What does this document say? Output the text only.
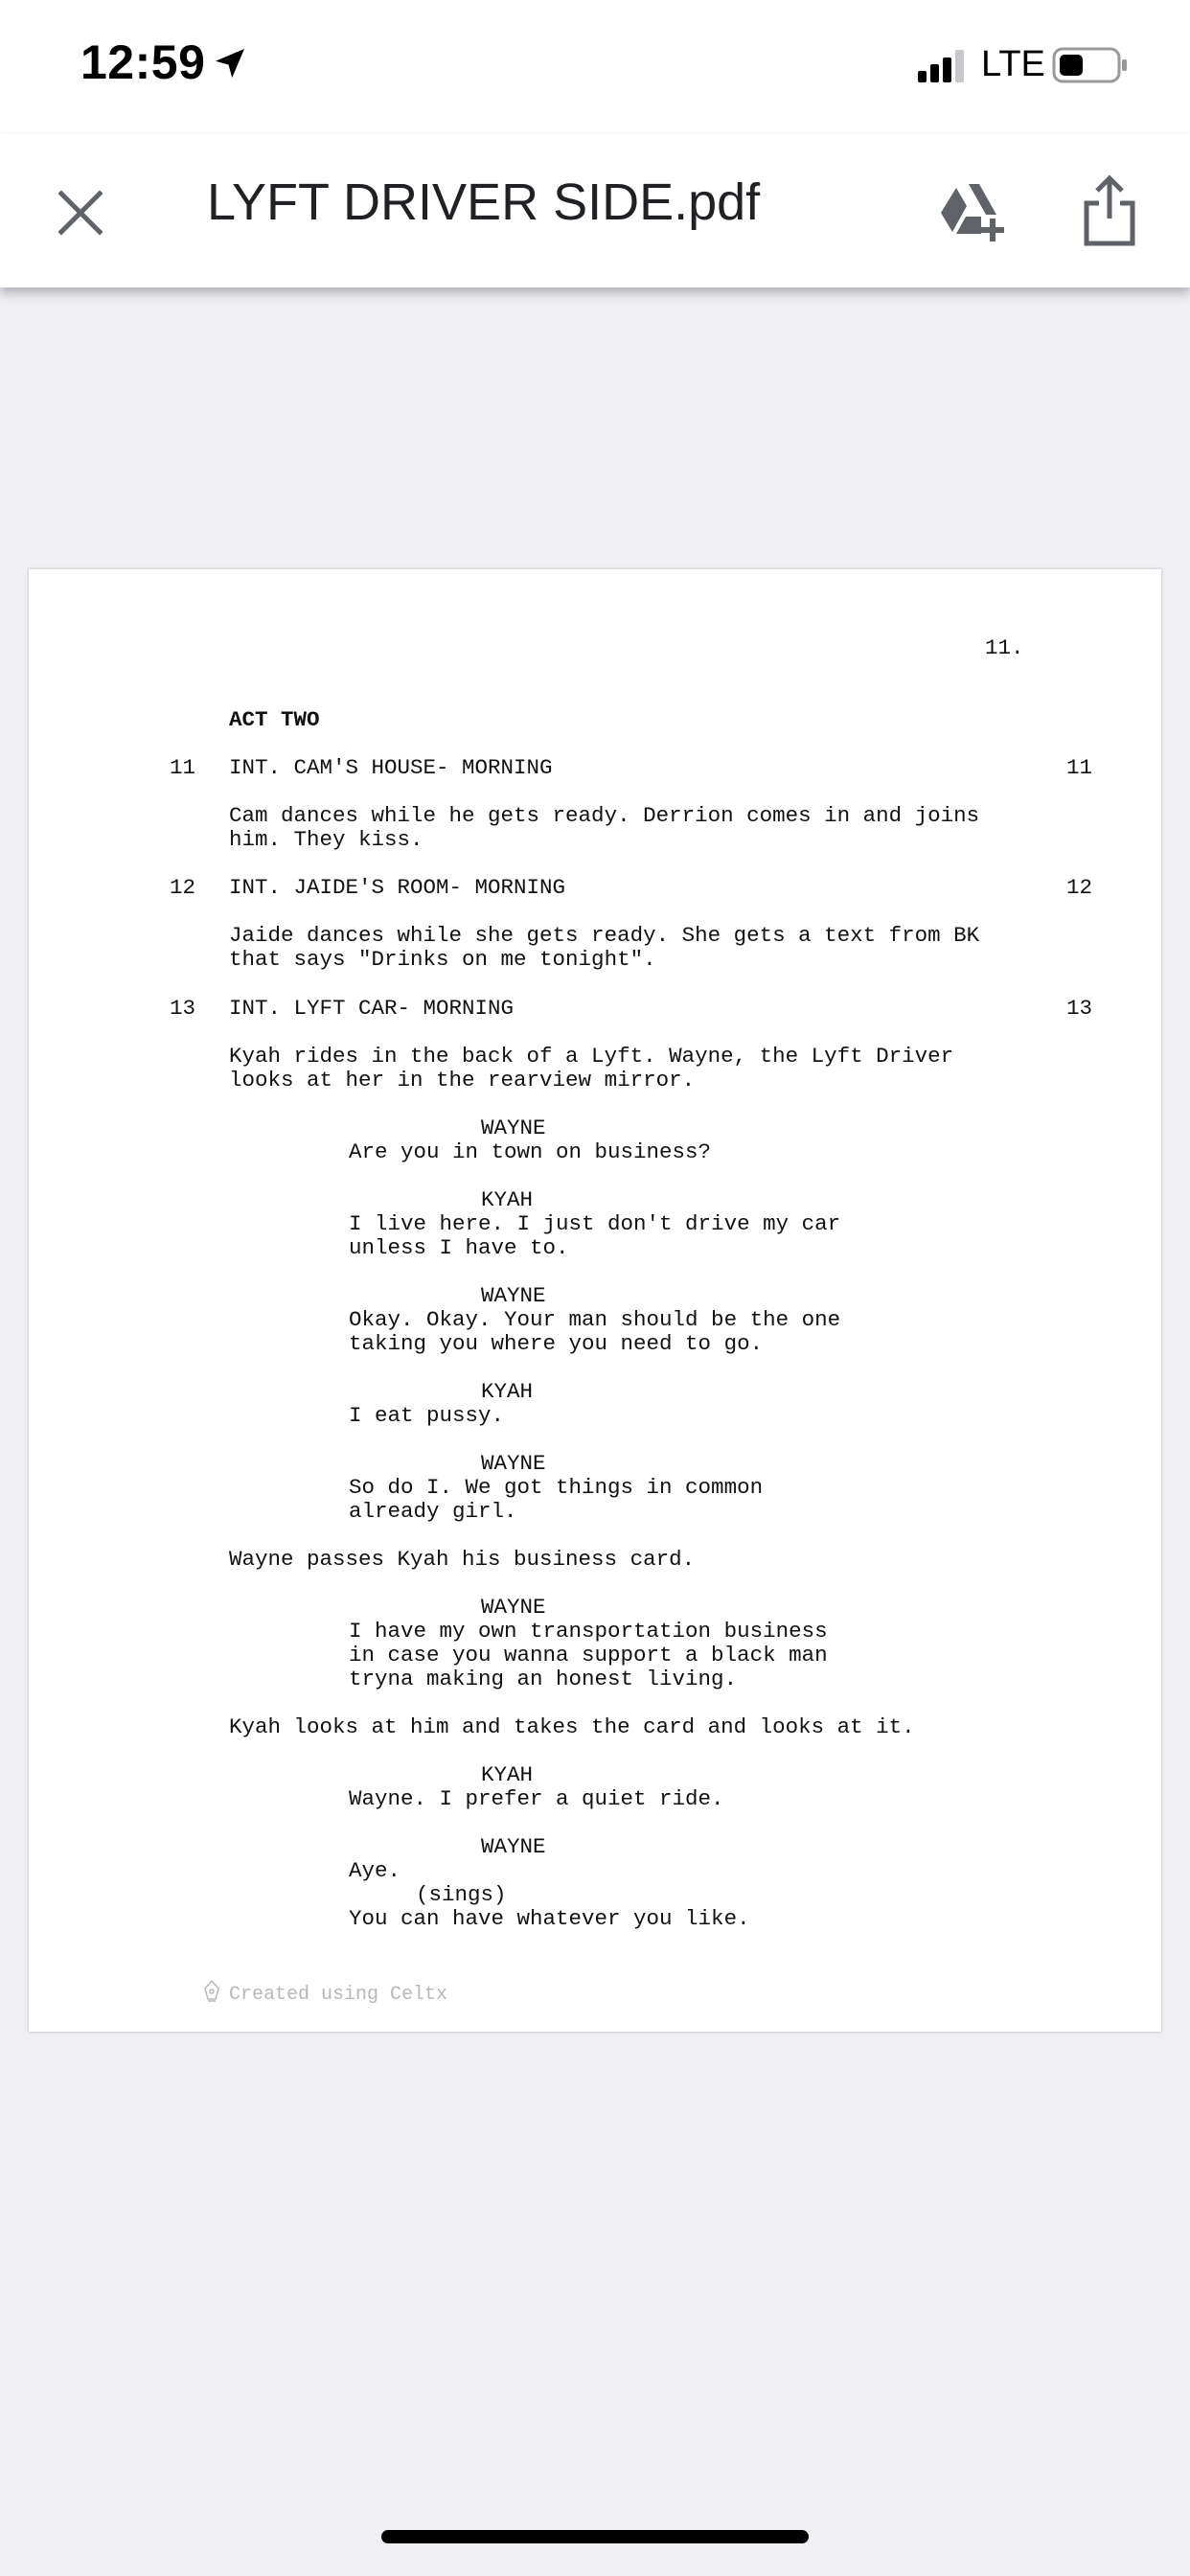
12:59	LTE
LYFT DRIVER SIDE.pdf
11.
ACT TWO
11 INT. CAM'S HOUSE- MORNING	11
Cam dances while he gets ready. Derrion comes in and joins
him. They kiss.
12 INT. JAIDE'S ROOM- MORNING	12
Jaide dances while she gets ready. She gets a text from BK
that says "Drinks on me tonight".
13 INT. LYFT CAR- MORNING	13
Kyah rides in the back of a Lyft. Wayne, the Lyft Driver
looks at her in the rearview mirror.
WAYNE
Are you in town on business?
KYAH
I live here. I just don't drive my car
unless I have to.
WAYNE
Okay. Okay. Your man should be the one
taking you where you need to go.
KYAH
I eat pussy.
WAYNE
So do I. We got things in common
already girl.
Wayne passes Kyah his business card.
WAYNE
I have my own transportation business
in case you wanna support a black man
tryna making an honest living.
Kyah looks at him and takes the card and looks at it.
KYAH
Wayne. I prefer a quiet ride.
WAYNE
Aye.
(sings)
You can have whatever you like.
Created using Celtx
